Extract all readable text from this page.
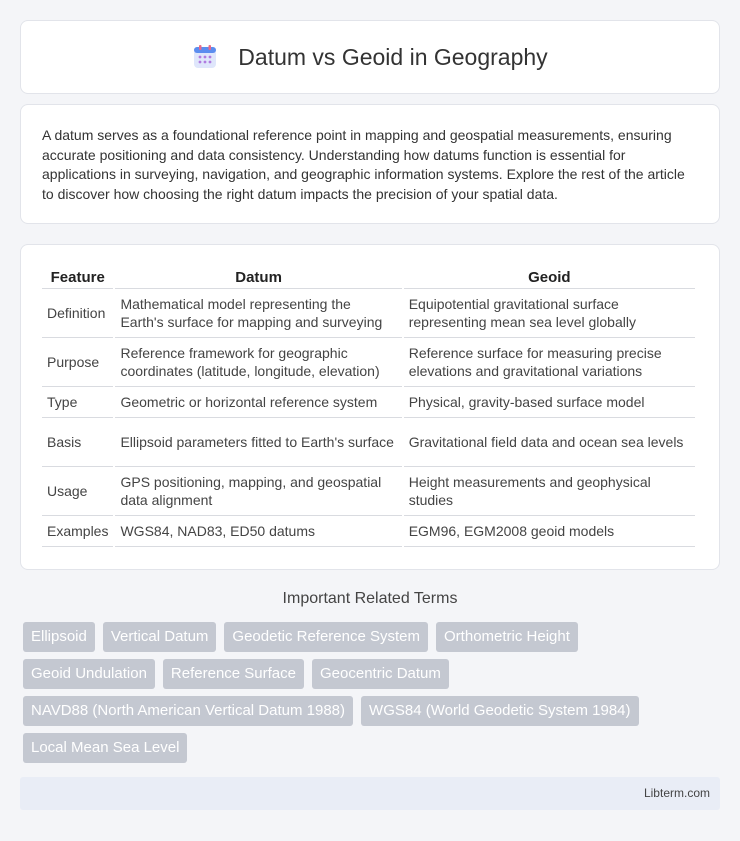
Datum vs Geoid in Geography

A datum serves as a foundational reference point in mapping and geospatial measurements, ensuring accurate positioning and data consistency. Understanding how datums function is essential for applications in surveying, navigation, and geographic information systems. Explore the rest of the article to discover how choosing the right datum impacts the precision of your spatial data.

Feature	Datum	Geoid
Definition	Mathematical model representing the Earth's surface for mapping and surveying	Equipotential gravitational surface representing mean sea level globally
Purpose	Reference framework for geographic coordinates (latitude, longitude, elevation)	Reference surface for measuring precise elevations and gravitational variations
Type	Geometric or horizontal reference system	Physical, gravity-based surface model
Basis	Ellipsoid parameters fitted to Earth's surface	Gravitational field data and ocean sea levels
Usage	GPS positioning, mapping, and geospatial data alignment	Height measurements and geophysical studies
Examples	WGS84, NAD83, ED50 datums	EGM96, EGM2008 geoid models
Important Related Terms
Ellipsoid	Vertical Datum	Geodetic Reference System	Orthometric Height
Geoid Undulation	Reference Surface	Geocentric Datum
NAVD88 (North American Vertical Datum 1988)	WGS84 (World Geodetic System 1984)
Local Mean Sea Level
Libterm.com
